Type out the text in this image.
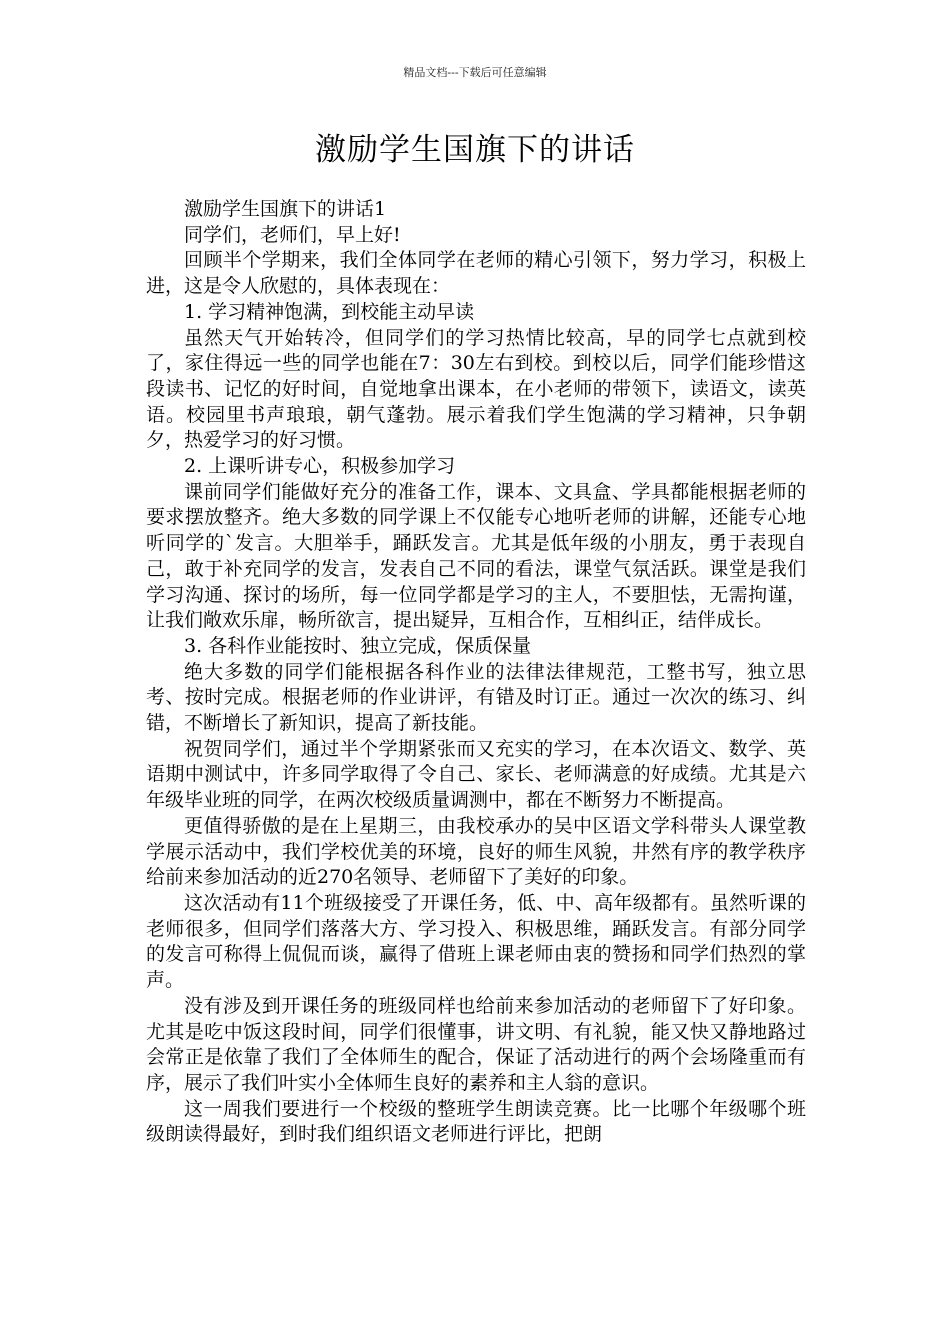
精品文档---下载后可任意编辑
激励学生国旗下的讲话

激励学生国旗下的讲话1

同学们，老师们，早上好!

回顾半个学期来，我们全体同学在老师的精心引领下，努力学习，积极上进，这是令人欣慰的，具体表现在：

1. 学习精神饱满，到校能主动早读

虽然天气开始转冷，但同学们的学习热情比较高，早的同学七点就到校了，家住得远一些的同学也能在7：30左右到校。到校以后，同学们能珍惜这段读书、记忆的好时间，自觉地拿出课本，在小老师的带领下，读语文，读英语。校园里书声琅琅，朝气蓬勃。展示着我们学生饱满的学习精神，只争朝夕，热爱学习的好习惯。

2. 上课听讲专心，积极参加学习

课前同学们能做好充分的准备工作，课本、文具盒、学具都能根据老师的要求摆放整齐。绝大多数的同学课上不仅能专心地听老师的讲解，还能专心地听同学的`发言。大胆举手，踊跃发言。尤其是低年级的小朋友，勇于表现自己，敢于补充同学的发言，发表自己不同的看法，课堂气氛活跃。课堂是我们学习沟通、探讨的场所，每一位同学都是学习的主人，不要胆怯，无需拘谨，让我们敞欢乐扉，畅所欲言，提出疑异，互相合作，互相纠正，结伴成长。

3. 各科作业能按时、独立完成，保质保量

绝大多数的同学们能根据各科作业的法律法律规范，工整书写，独立思考、按时完成。根据老师的作业讲评，有错及时订正。通过一次次的练习、纠错，不断增长了新知识，提高了新技能。

祝贺同学们，通过半个学期紧张而又充实的学习，在本次语文、数学、英语期中测试中，许多同学取得了令自己、家长、老师满意的好成绩。尤其是六年级毕业班的同学，在两次校级质量调测中，都在不断努力不断提高。

更值得骄傲的是在上星期三，由我校承办的吴中区语文学科带头人课堂教学展示活动中，我们学校优美的环境，良好的师生风貌，井然有序的教学秩序给前来参加活动的近270名领导、老师留下了美好的印象。

这次活动有11个班级接受了开课任务，低、中、高年级都有。虽然听课的老师很多，但同学们落落大方、学习投入、积极思维，踊跃发言。有部分同学的发言可称得上侃侃而谈，赢得了借班上课老师由衷的赞扬和同学们热烈的掌声。

没有涉及到开课任务的班级同样也给前来参加活动的老师留下了好印象。尤其是吃中饭这段时间，同学们很懂事，讲文明、有礼貌，能又快又静地路过会常正是依靠了我们了全体师生的配合，保证了活动进行的两个会场隆重而有序，展示了我们叶实小全体师生良好的素养和主人翁的意识。

这一周我们要进行一个校级的整班学生朗读竞赛。比一比哪个年级哪个班级朗读得最好，到时我们组织语文老师进行评比，把朗
